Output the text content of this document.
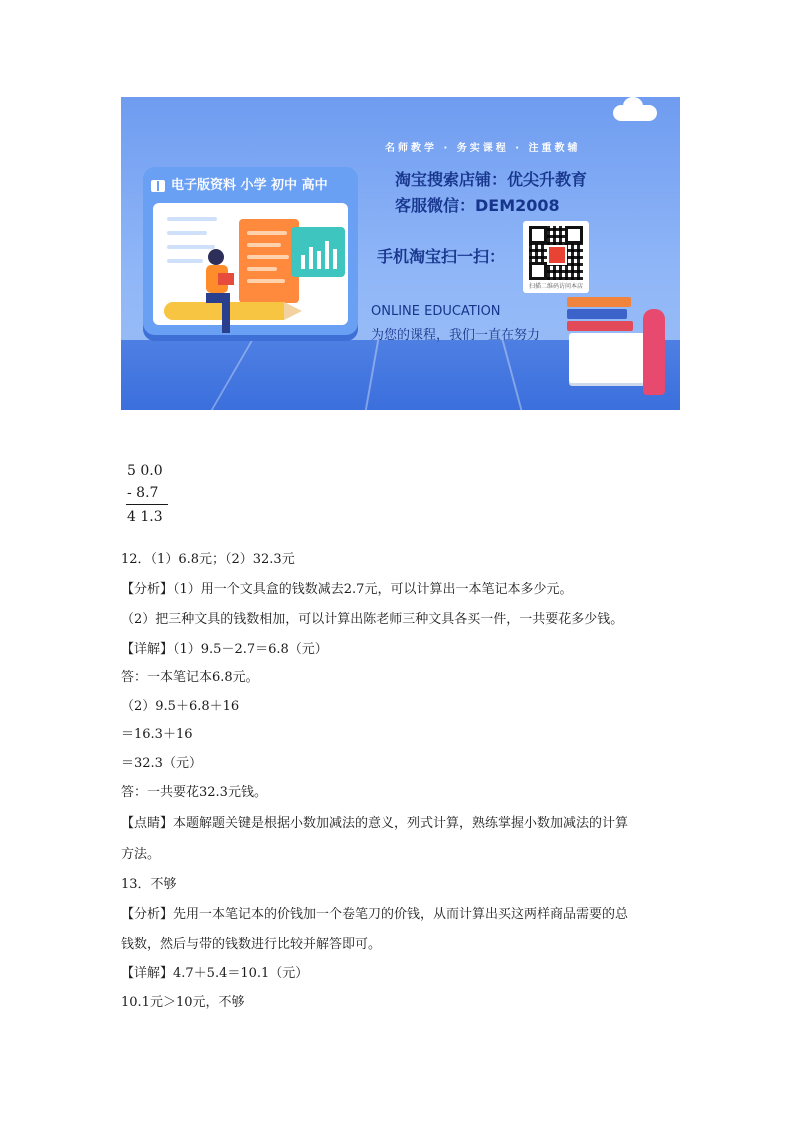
电子版资料 小学 初中 高中
名师教学 · 务实课程 · 注重教辅
淘宝搜索店铺：优尖升教育
客服微信：DEM2008
手机淘宝扫一扫：
扫描二维码访问本店
ONLINE EDUCATION
为您的课程，我们一直在努力
5 0.0
- 8.7
4 1.3
12．（1）6.8元；（2）32.3元
【分析】（1）用一个文具盒的钱数减去2.7元，可以计算出一本笔记本多少元。
（2）把三种文具的钱数相加，可以计算出陈老师三种文具各买一件，一共要花多少钱。
【详解】（1）9.5－2.7＝6.8（元）
答：一本笔记本6.8元。
（2）9.5＋6.8＋16
＝16.3＋16
＝32.3（元）
答：一共要花32.3元钱。
【点睛】本题解题关键是根据小数加减法的意义，列式计算，熟练掌握小数加减法的计算
方法。
13．不够
【分析】先用一本笔记本的价钱加一个卷笔刀的价钱，从而计算出买这两样商品需要的总
钱数，然后与带的钱数进行比较并解答即可。
【详解】4.7＋5.4＝10.1（元）
10.1元＞10元，不够
